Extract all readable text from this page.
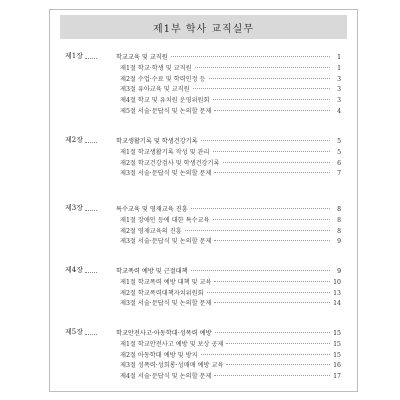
제1부 학사 교직실무
제1장	학교교육 및 교직원	1
제1절 학교·학생 및 교직원	1
제2절 수업·수료 및 학력인정 등	3
제3절 유아교육 및 교직원	3
제4절 학교 및 유치원 운영위원회	3
제5절 서술·문답식 및 논의할 문제	4
제2장	학교생활기록 및 학생건강기록	5
제1절 학교생활기록 작성 및 관리	5
제2절 학교건강검사 및 학생건강기록	6
제3절 서술·문답식 및 논의할 문제	7
제3장	특수교육 및 영재교육 진흥	8
제1절 장애인 등에 대한 특수교육	8
제2절 영재교육의 진흥	8
제3절 서술·문답식 및 논의할 문제	9
제4장	학교폭력 예방 및 근절대책	9
제1절 학교폭력 예방 대책 및 교육	10
제2절 학교폭력대책자치위원회	13
제3절 서술·문답식 및 논의할 문제	14
제5장	학교안전사고·아동학대·성폭력 예방	15
제1절 학교안전사고 예방 및 보상 공제	15
제2절 아동학대 예방 및 방지	15
제3절 성폭력·성희롱·성매매 예방 교육	16
제4절 서술·문답식 및 논의할 문제	17
